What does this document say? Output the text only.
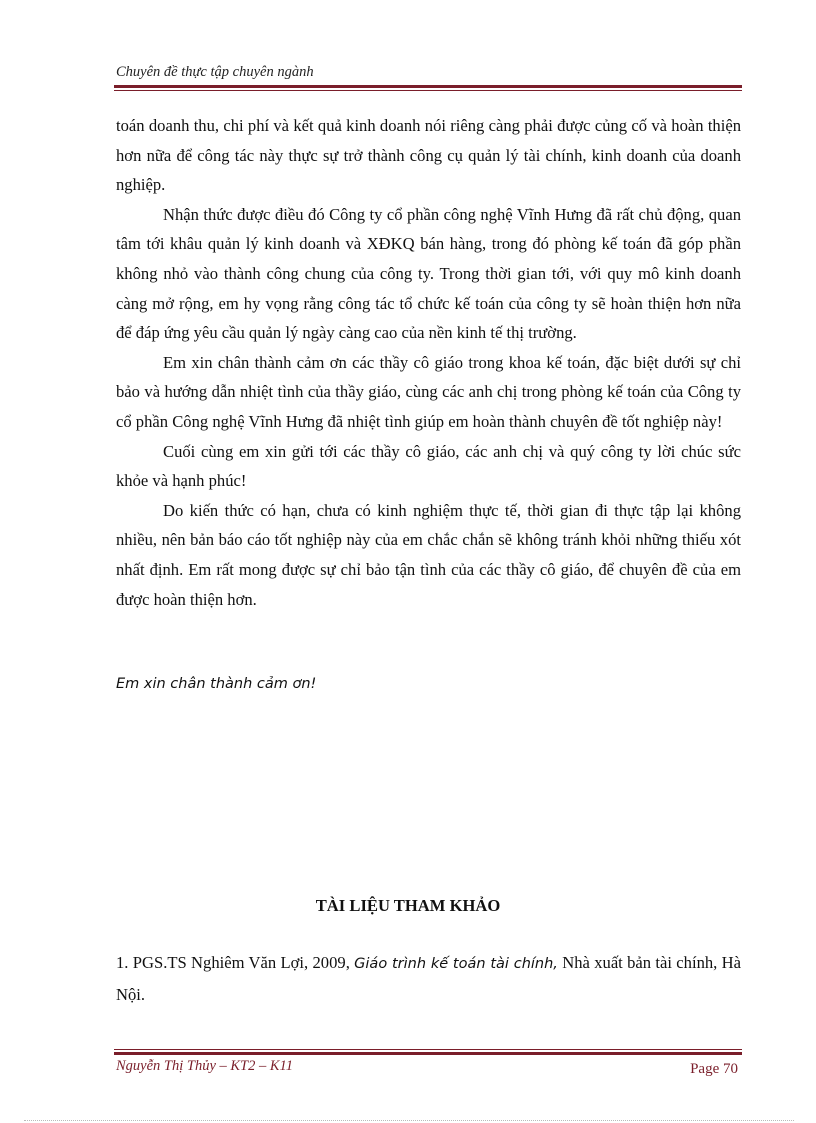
Chuyên đề thực tập chuyên ngành

toán doanh thu, chi phí và kết quả kinh doanh nói riêng càng phải được củng cố và hoàn thiện hơn nữa để công tác này thực sự trở thành công cụ quản lý tài chính, kinh doanh của doanh nghiệp.

Nhận thức được điều đó Công ty cổ phần công nghệ Vĩnh Hưng đã rất chủ động, quan tâm tới khâu quản lý kinh doanh và XĐKQ bán hàng, trong đó phòng kế toán đã góp phần không nhỏ vào thành công chung của công ty. Trong thời gian tới, với quy mô kinh doanh càng mở rộng, em hy vọng rằng công tác tổ chức kế toán của công ty sẽ hoàn thiện hơn nữa để đáp ứng yêu cầu quản lý ngày càng cao của nền kinh tế thị trường.

Em xin chân thành cảm ơn các thầy cô giáo trong khoa kế toán, đặc biệt dưới sự chỉ bảo và hướng dẫn nhiệt tình của thầy giáo, cùng các anh chị trong phòng kế toán của Công ty cổ phần Công nghệ Vĩnh Hưng đã nhiệt tình giúp em hoàn thành chuyên đề tốt nghiệp này!

Cuối cùng em xin gửi tới các thầy cô giáo, các anh chị và quý công ty lời chúc sức khỏe và hạnh phúc!

Do kiến thức có hạn, chưa có kinh nghiệm thực tế, thời gian đi thực tập lại không nhiều, nên bản báo cáo tốt nghiệp này của em chắc chắn sẽ không tránh khỏi những thiếu xót nhất định. Em rất mong được sự chỉ bảo tận tình của các thầy cô giáo, để chuyên đề của em được hoàn thiện hơn.

Em xin chân thành cảm ơn!
TÀI LIỆU THAM KHẢO

1. PGS.TS Nghiêm Văn Lợi, 2009, Giáo trình kế toán tài chính, Nhà xuất bản tài chính, Hà Nội.

Nguyễn Thị Thủy – KT2 – K11	Page 70
